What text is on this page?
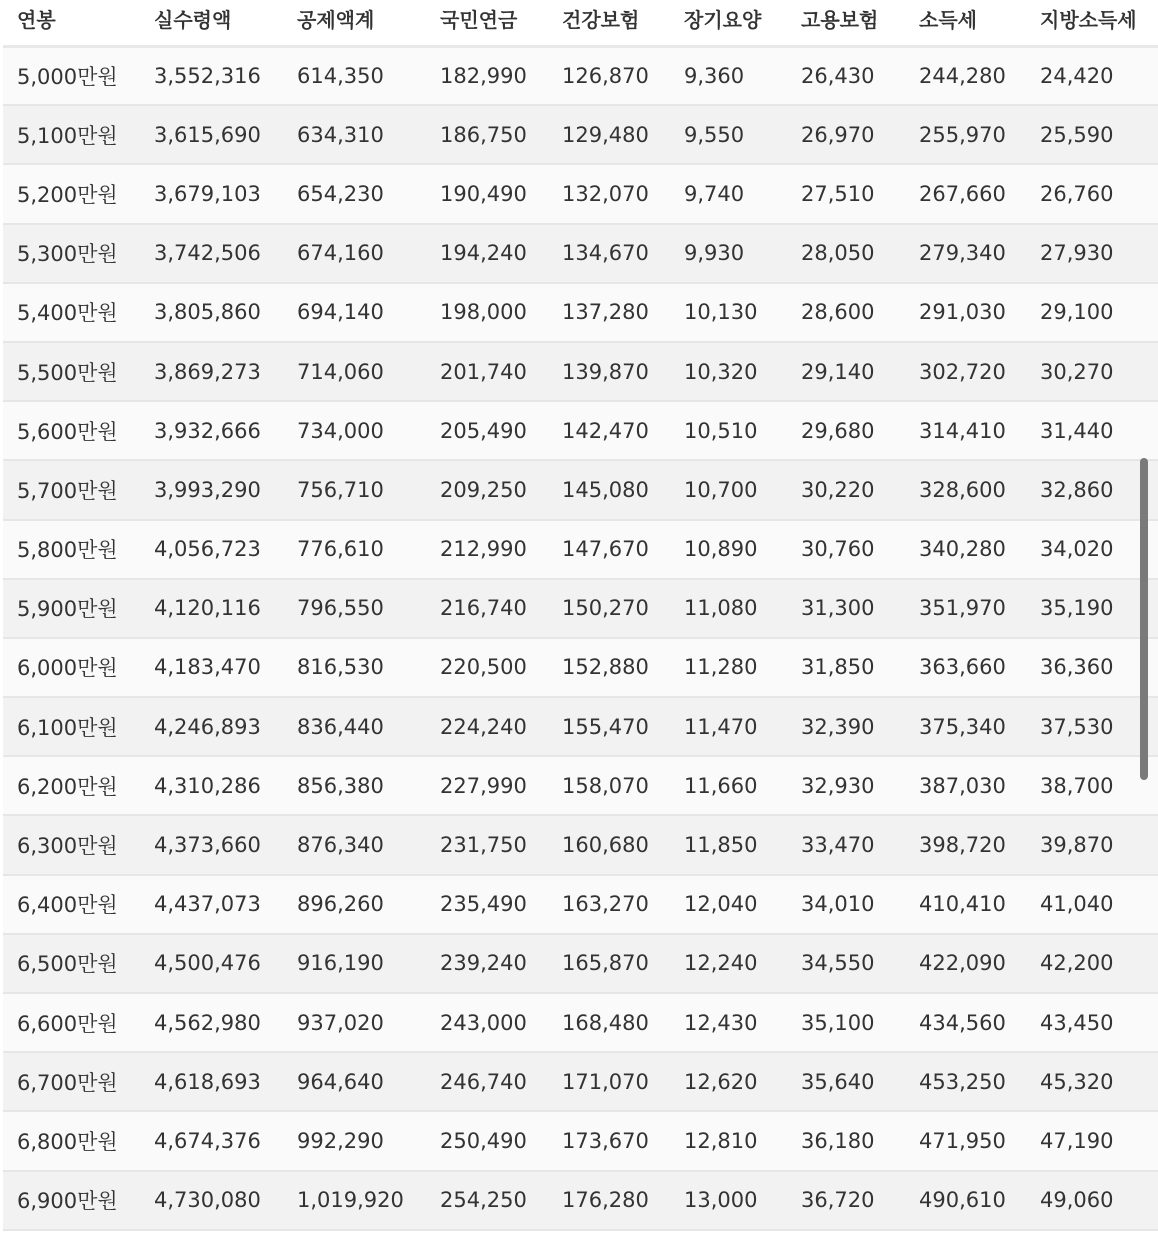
연봉	실수령액	공제액계	국민연금	건강보험	장기요양	고용보험	소득세	지방소득세
5,000만원	3,552,316	614,350	182,990	126,870	9,360	26,430	244,280	24,420
5,100만원	3,615,690	634,310	186,750	129,480	9,550	26,970	255,970	25,590
5,200만원	3,679,103	654,230	190,490	132,070	9,740	27,510	267,660	26,760
5,300만원	3,742,506	674,160	194,240	134,670	9,930	28,050	279,340	27,930
5,400만원	3,805,860	694,140	198,000	137,280	10,130	28,600	291,030	29,100
5,500만원	3,869,273	714,060	201,740	139,870	10,320	29,140	302,720	30,270
5,600만원	3,932,666	734,000	205,490	142,470	10,510	29,680	314,410	31,440
5,700만원	3,993,290	756,710	209,250	145,080	10,700	30,220	328,600	32,860
5,800만원	4,056,723	776,610	212,990	147,670	10,890	30,760	340,280	34,020
5,900만원	4,120,116	796,550	216,740	150,270	11,080	31,300	351,970	35,190
6,000만원	4,183,470	816,530	220,500	152,880	11,280	31,850	363,660	36,360
6,100만원	4,246,893	836,440	224,240	155,470	11,470	32,390	375,340	37,530
6,200만원	4,310,286	856,380	227,990	158,070	11,660	32,930	387,030	38,700
6,300만원	4,373,660	876,340	231,750	160,680	11,850	33,470	398,720	39,870
6,400만원	4,437,073	896,260	235,490	163,270	12,040	34,010	410,410	41,040
6,500만원	4,500,476	916,190	239,240	165,870	12,240	34,550	422,090	42,200
6,600만원	4,562,980	937,020	243,000	168,480	12,430	35,100	434,560	43,450
6,700만원	4,618,693	964,640	246,740	171,070	12,620	35,640	453,250	45,320
6,800만원	4,674,376	992,290	250,490	173,670	12,810	36,180	471,950	47,190
6,900만원	4,730,080	1,019,920	254,250	176,280	13,000	36,720	490,610	49,060
